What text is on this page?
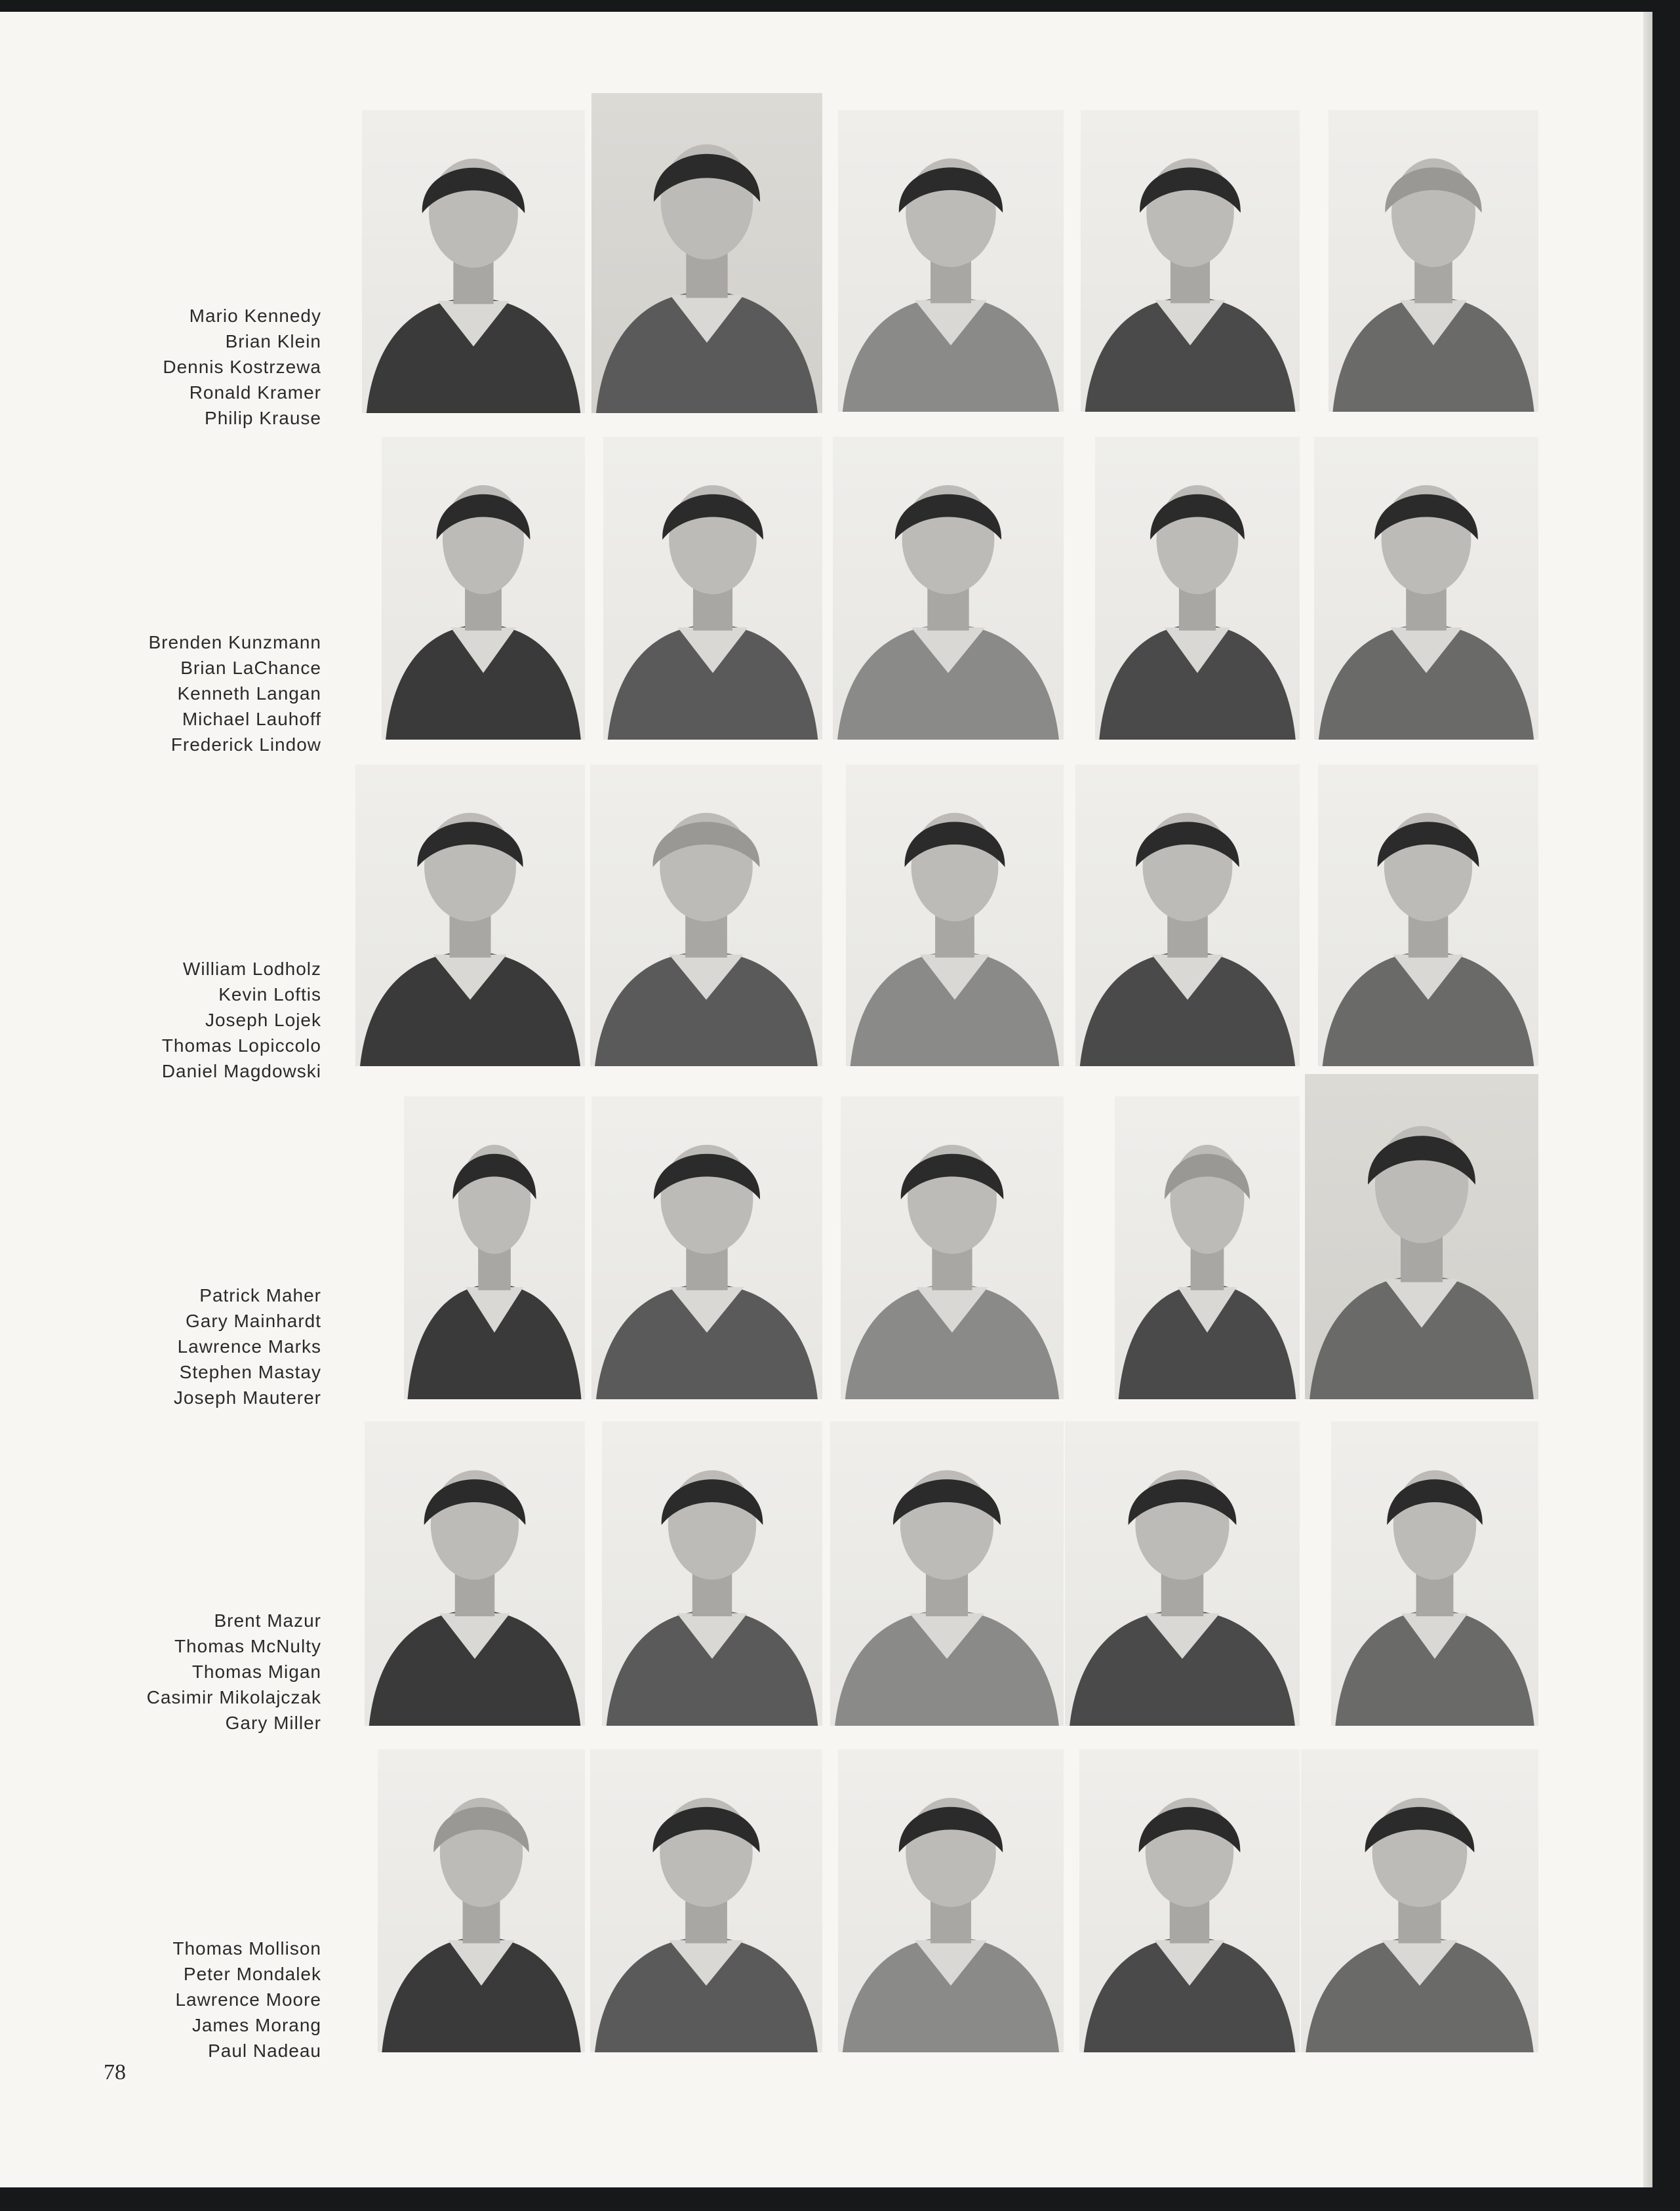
Mario Kennedy
Brian Klein
Dennis Kostrzewa
Ronald Kramer
Philip Krause
Brenden Kunzmann
Brian LaChance
Kenneth Langan
Michael Lauhoff
Frederick Lindow
William Lodholz
Kevin Loftis
Joseph Lojek
Thomas Lopiccolo
Daniel Magdowski
Patrick Maher
Gary Mainhardt
Lawrence Marks
Stephen Mastay
Joseph Mauterer
Brent Mazur
Thomas McNulty
Thomas Migan
Casimir Mikolajczak
Gary Miller
Thomas Mollison
Peter Mondalek
Lawrence Moore
James Morang
Paul Nadeau
78
